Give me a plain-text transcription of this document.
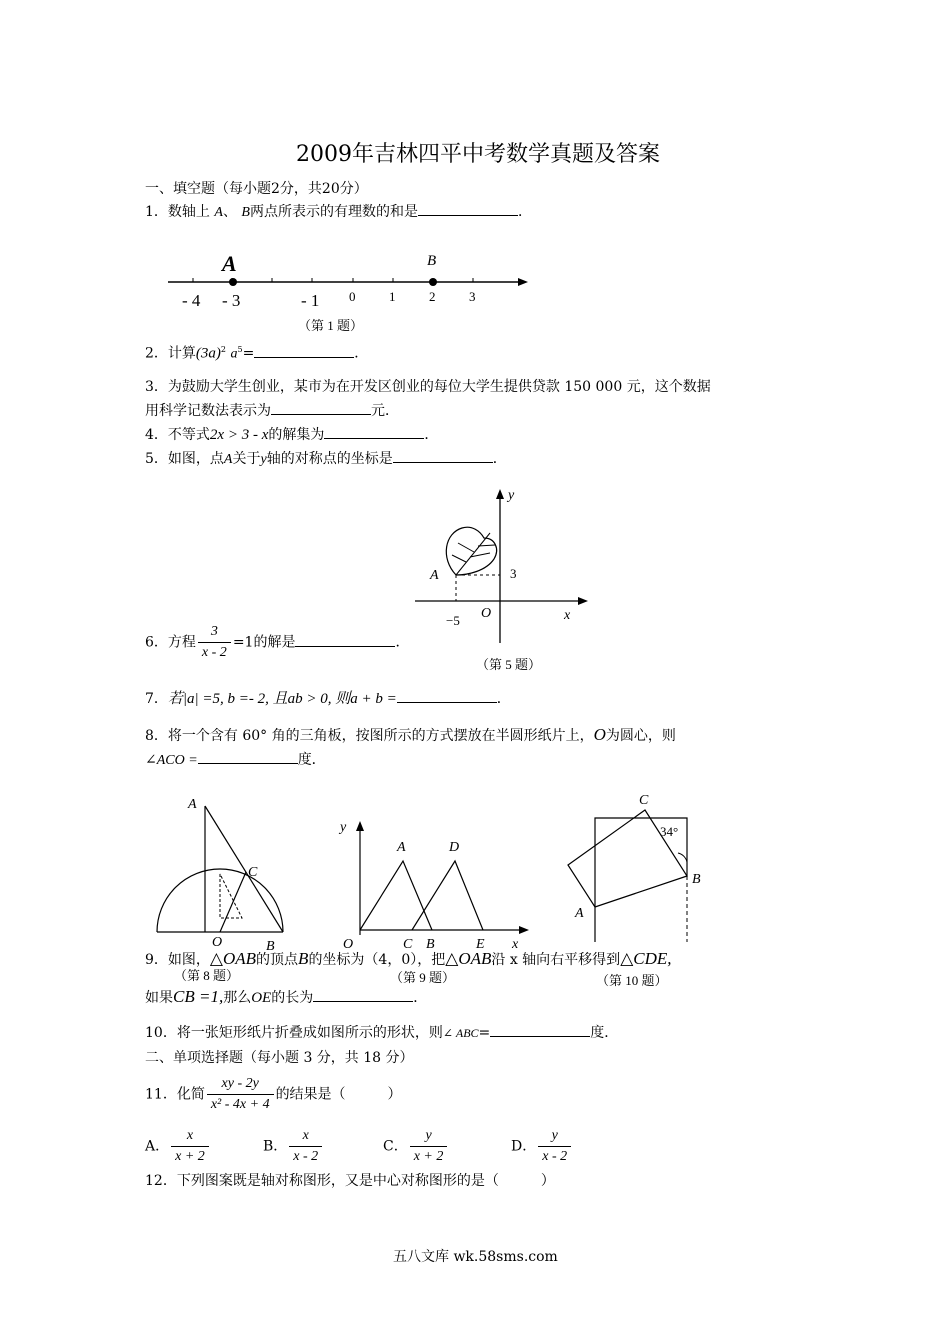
2009年吉林四平中考数学真题及答案
一、填空题（每小题2分，共20分）
1．数轴上 A、 B两点所表示的有理数的和是	．
A	B
- 4 - 3	- 1 0	1	2	3
（第 1 题）
2．计算$(3a)^2$ $a^5=$	．
3．为鼓励大学生创业，某市为在开发区创业的每位大学生提供贷款 150 000 元，这个数据
用科学记数法表示为	元．
4．不等式2x > 3 - x的解集为	．
5．如图，点A关于y轴的对称点的坐标是	．
y
x
A
O
3
−5
（第 5 题）
6．方程 $\frac{3}{x - 2} =1$的解是	．
7．若|a| =5, b =- 2, 且ab > 0, 则a + b =	．
8．将一个含有 60° 角的三角板，按图所示的方式摆放在半圆形纸片上，O为圆心，则
∠ACO =	度．
A
C
O	B
（第 8 题）
y
A	D
O	C B	E x
（第 9 题）
C
34°
B
A
（第 10 题）
9．如图，△OAB的顶点B的坐标为（4，0），把△OAB沿 x 轴向右平移得到△CDE,
如果CB =1,那么OE的长为	．
10．将一张矩形纸片折叠成如图所示的形状，则∠ ABC=	度．
二、单项选择题（每小题 3 分，共 18 分）
11．化简 $\frac{xy - 2y}{\text{x² - 4x + 4}}$ 的结果是（　　　）
A． $\frac{x}{x + 2}$	B． $\frac{x}{x - 2}$	C． $\frac{y}{x + 2}$	D． $\frac{y}{x - 2}$
12．下列图案既是轴对称图形，又是中心对称图形的是（　　　）
五八文库 wk.58sms.com
